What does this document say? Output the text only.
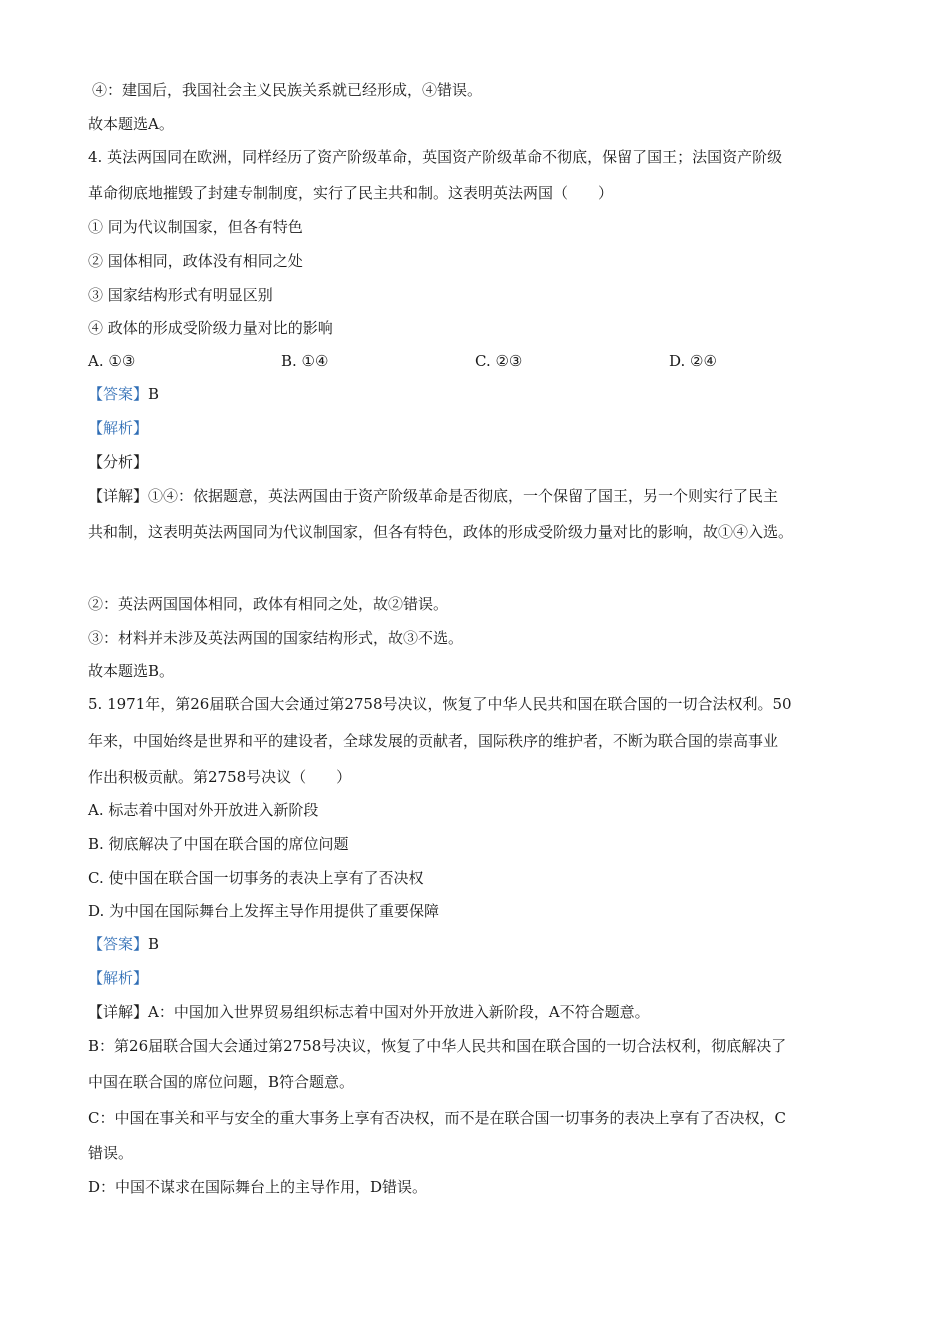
④：建国后，我国社会主义民族关系就已经形成，④错误。
故本题选A。
4. 英法两国同在欧洲，同样经历了资产阶级革命，英国资产阶级革命不彻底，保留了国王；法国资产阶级
革命彻底地摧毁了封建专制制度，实行了民主共和制。这表明英法两国（　　）
① 同为代议制国家，但各有特色
② 国体相同，政体没有相同之处
③ 国家结构形式有明显区别
④ 政体的形成受阶级力量对比的影响
A. ①③	B. ①④	C. ②③	D. ②④
【答案】B
【解析】
【分析】
【详解】①④：依据题意，英法两国由于资产阶级革命是否彻底，一个保留了国王，另一个则实行了民主
共和制，这表明英法两国同为代议制国家，但各有特色，政体的形成受阶级力量对比的影响，故①④入选。
②：英法两国国体相同，政体有相同之处，故②错误。
③：材料并未涉及英法两国的国家结构形式，故③不选。
故本题选B。
5. 1971年，第26届联合国大会通过第2758号决议，恢复了中华人民共和国在联合国的一切合法权利。50
年来，中国始终是世界和平的建设者，全球发展的贡献者，国际秩序的维护者，不断为联合国的崇高事业
作出积极贡献。第2758号决议（　　）
A. 标志着中国对外开放进入新阶段
B. 彻底解决了中国在联合国的席位问题
C. 使中国在联合国一切事务的表决上享有了否决权
D. 为中国在国际舞台上发挥主导作用提供了重要保障
【答案】B
【解析】
【详解】A：中国加入世界贸易组织标志着中国对外开放进入新阶段，A不符合题意。
B：第26届联合国大会通过第2758号决议，恢复了中华人民共和国在联合国的一切合法权利，彻底解决了
中国在联合国的席位问题，B符合题意。
C：中国在事关和平与安全的重大事务上享有否决权，而不是在联合国一切事务的表决上享有了否决权，C
错误。
D：中国不谋求在国际舞台上的主导作用，D错误。
